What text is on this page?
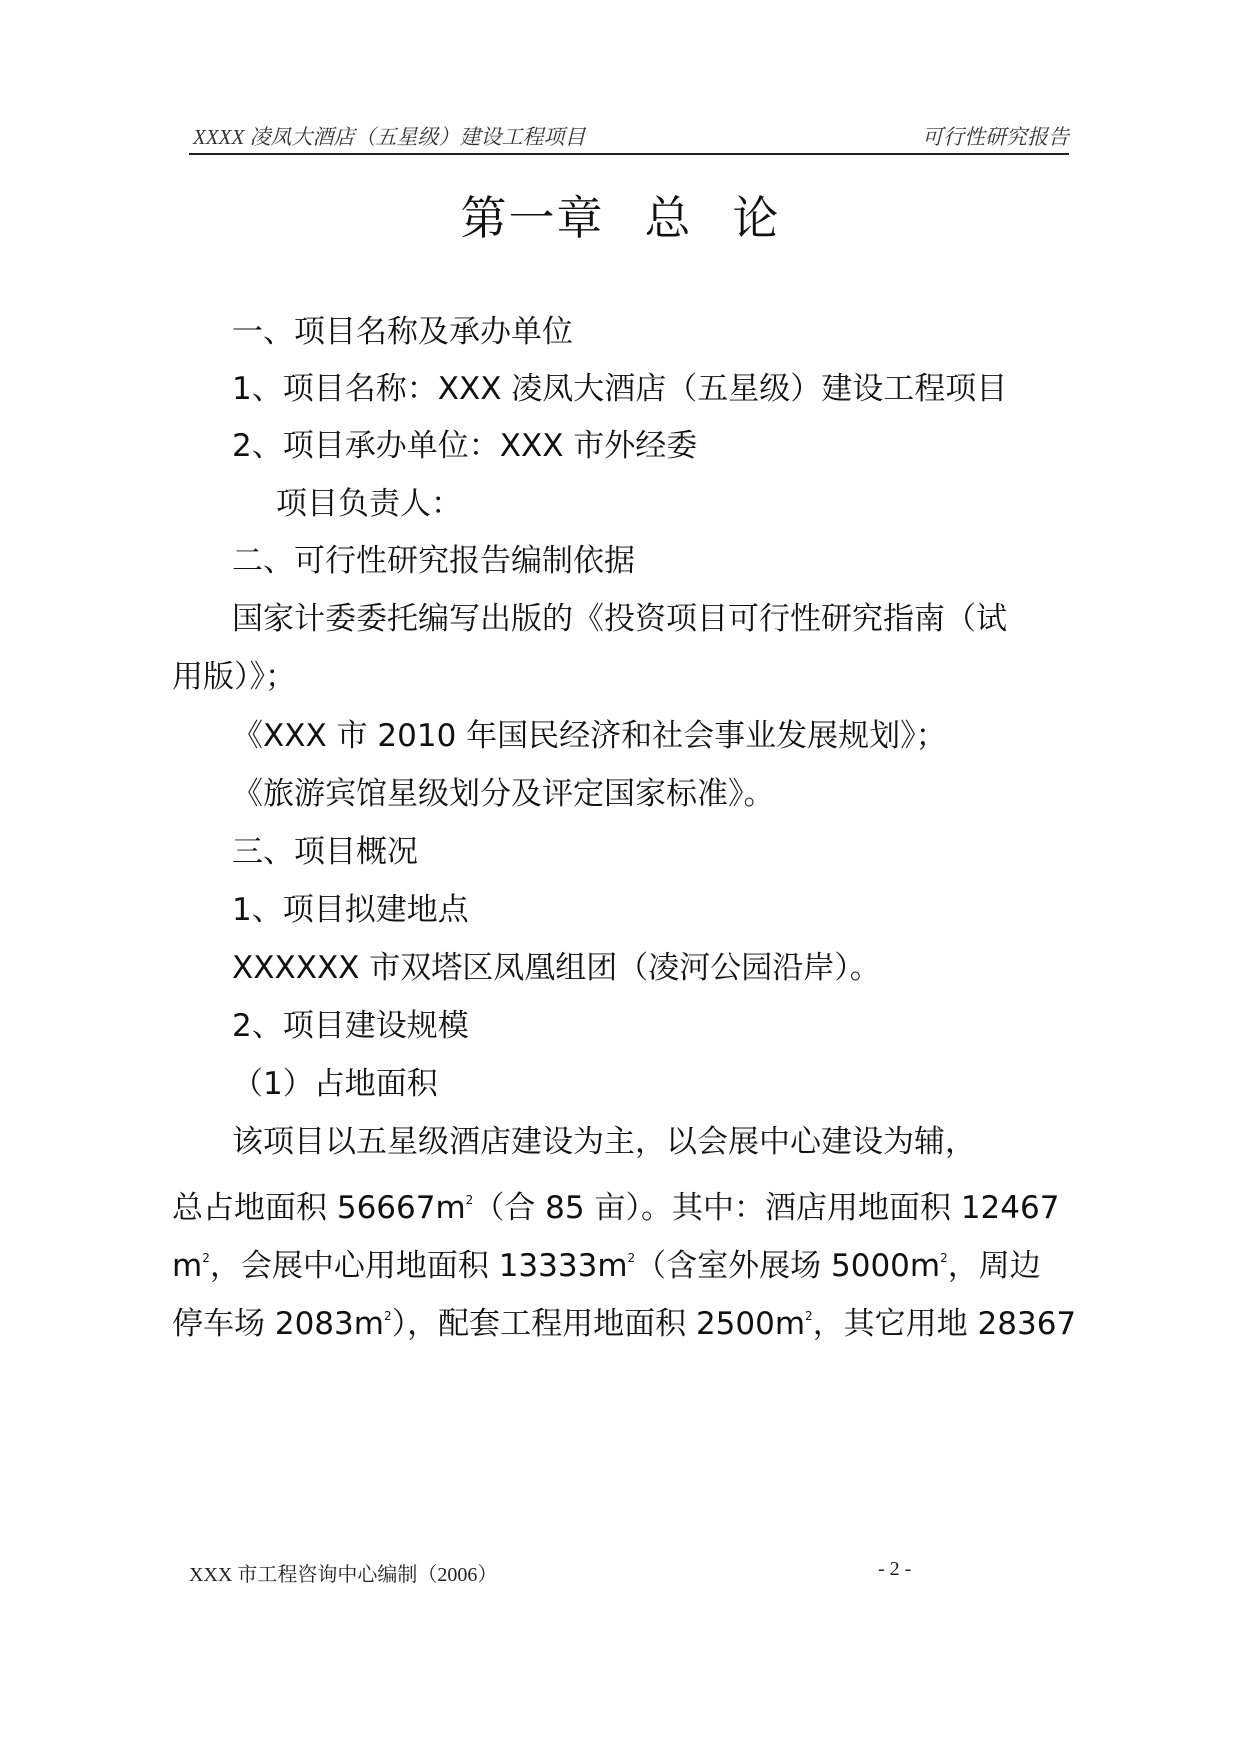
XXXX 凌凤大酒店（五星级）建设工程项目	可行性研究报告
第一章 总 论
一、项目名称及承办单位
1、项目名称：XXX 凌凤大酒店（五星级）建设工程项目
2、项目承办单位：XXX 市外经委
项目负责人：
二、可行性研究报告编制依据
国家计委委托编写出版的《投资项目可行性研究指南（试
用版）》；
《XXX 市 2010 年国民经济和社会事业发展规划》；
《旅游宾馆星级划分及评定国家标准》。
三、项目概况
1、项目拟建地点
XXXXXX 市双塔区凤凰组团（凌河公园沿岸）。
2、项目建设规模
（1）占地面积
该项目以五星级酒店建设为主，以会展中心建设为辅，
总占地面积 $56667m^2$（合 85 亩）。其中：酒店用地面积 12467
$m^2$，会展中心用地面积 $13333m^2$（含室外展场 $5000m^2$，周边
停车场 $2083m^2$），配套工程用地面积 $2500m^2$，其它用地 28367
XXX 市工程咨询中心编制（2006）	- 2 -
